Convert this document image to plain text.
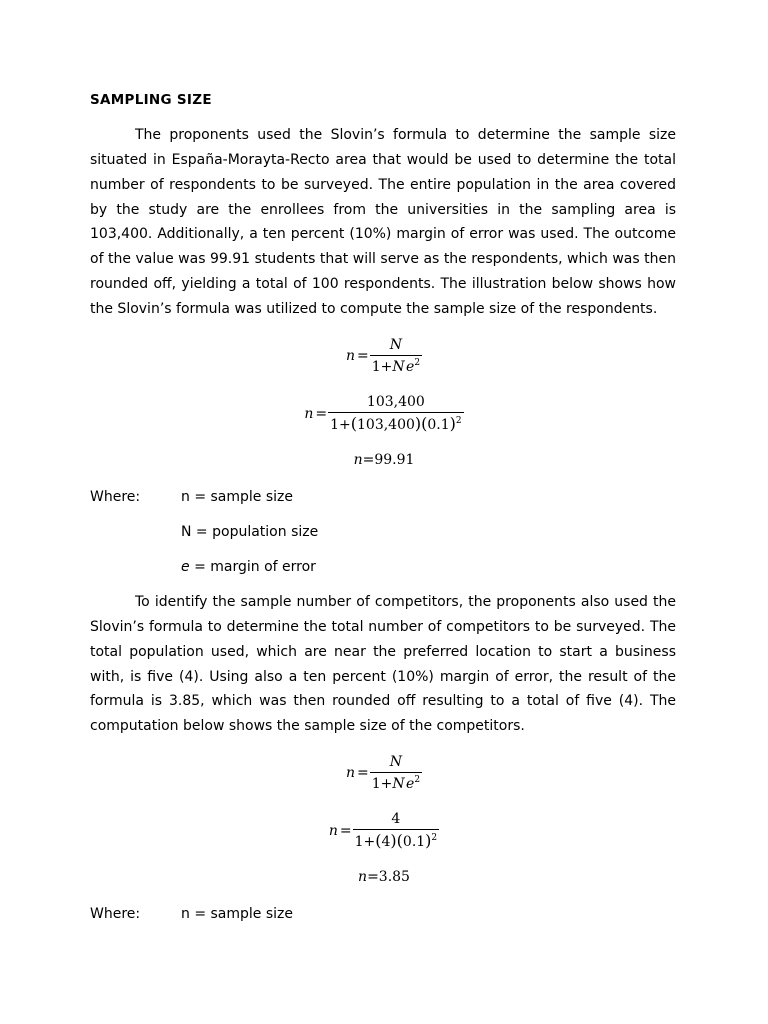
SAMPLING SIZE

The proponents used the Slovin’s formula to determine the sample size situated in España-Morayta-Recto area that would be used to determine the total number of respondents to be surveyed. The entire population in the area covered by the study are the enrollees from the universities in the sampling area is 103,400. Additionally, a ten percent (10%) margin of error was used. The outcome of the value was 99.91 students that will serve as the respondents, which was then rounded off, yielding a total of 100 respondents. The illustration below shows how the Slovin’s formula was utilized to compute the sample size of the respondents.

$n = \frac{N}{1+N e^2}$
$n = \frac{103,400}{1+(103,400)(0.1)^2}$
n = 99.91
Where:	n = sample size
N = population size
e = margin of error

To identify the sample number of competitors, the proponents also used the Slovin’s formula to determine the total number of competitors to be surveyed. The total population used, which are near the preferred location to start a business with, is five (4). Using also a ten percent (10%) margin of error, the result of the formula is 3.85, which was then rounded off resulting to a total of five (4). The computation below shows the sample size of the competitors.

$n = \frac{N}{1+N e^2}$
$n = \frac{4}{1+(4)(0.1)^2}$
n = 3.85
Where:	n = sample size
